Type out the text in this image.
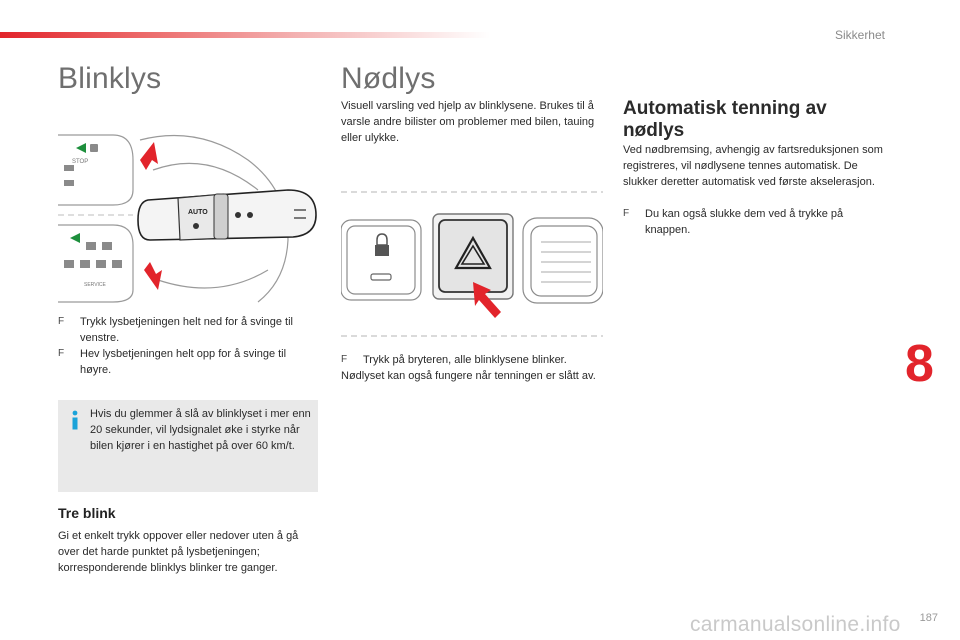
Sikkerhet
Blinklys
STOP
SERVICE
AUTO
F	Trykk lysbetjeningen helt ned for å svinge til venstre.
F	Hev lysbetjeningen helt opp for å svinge til høyre.
Hvis du glemmer å slå av blinklyset i mer enn 20 sekunder, vil lydsignalet øke i styrke når bilen kjører i en hastighet på over 60 km/t.
Tre blink
Gi et enkelt trykk oppover eller nedover uten å gå over det harde punktet på lysbetjeningen; korresponderende blinklys blinker tre ganger.
Nødlys
Visuell varsling ved hjelp av blinklysene. Brukes til å varsle andre bilister om problemer med bilen, tauing eller ulykke.
F	Trykk på bryteren, alle blinklysene blinker.
Nødlyset kan også fungere når tenningen er slått av.
Automatisk tenning av nødlys
Ved nødbremsing, avhengig av fartsreduksjonen som registreres, vil nødlysene tennes automatisk. De slukker deretter automatisk ved første akselerasjon.
F	Du kan også slukke dem ved å trykke på knappen.
8
carmanualsonline.info 187
